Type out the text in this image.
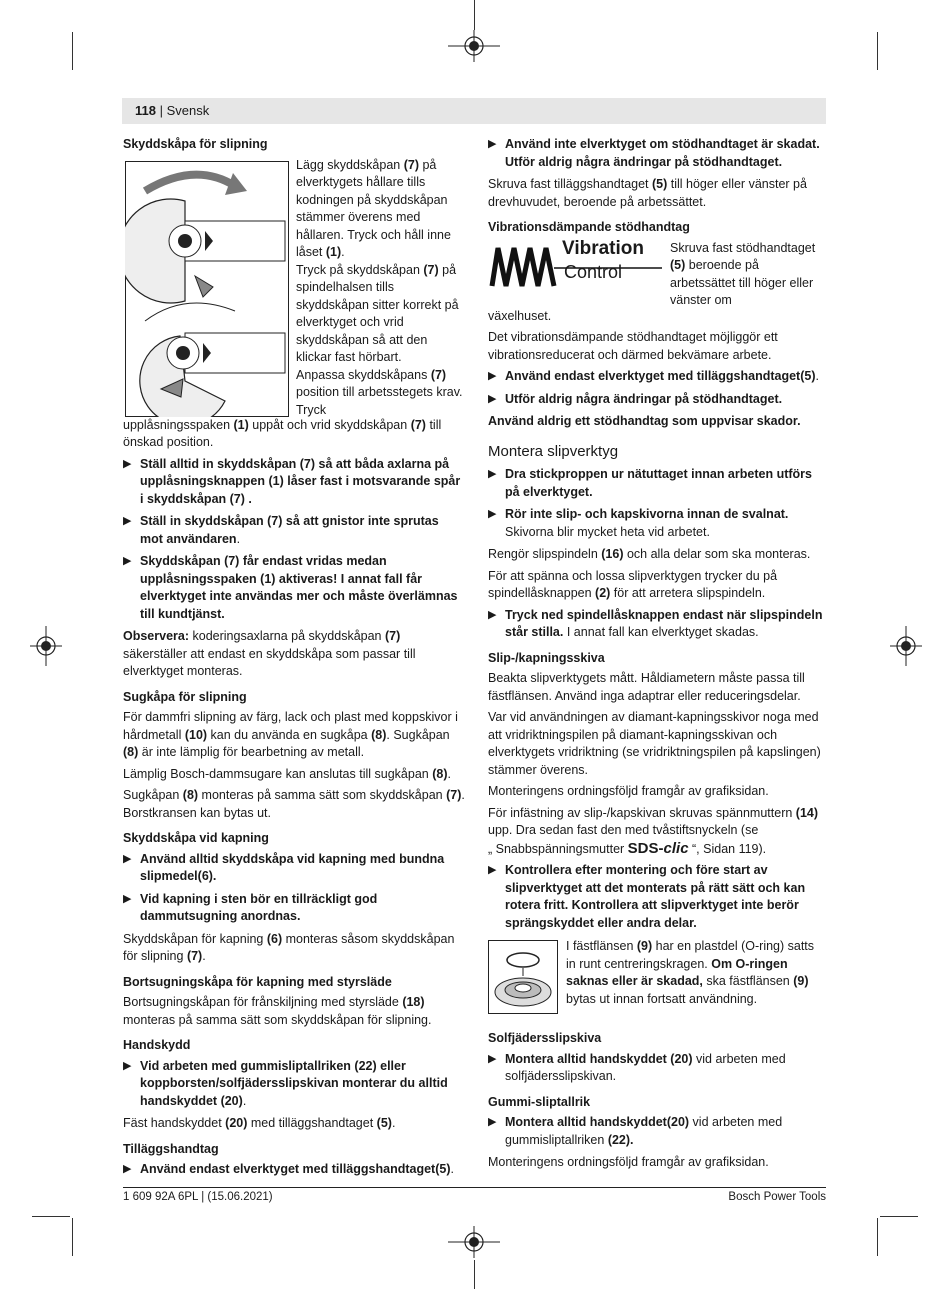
118 | Svensk
Skyddskåpa för slipning

Lägg skyddskåpan (7) på elverktygets hållare tills kodningen på skyddskåpan stämmer överens med hållaren. Tryck och håll inne låset (1).

Tryck på skyddskåpan (7) på spindelhalsen tills skyddskåpan sitter korrekt på elverktyget och vrid skyddskåpan så att den klickar fast hörbart.

Anpassa skyddskåpans (7) position till arbetsstegets krav. Tryck

upplåsningsspaken (1) uppåt och vrid skyddskåpan (7) till önskad position.

▶ Ställ alltid in skyddskåpan (7) så att båda axlarna på upplåsningsknappen (1) låser fast i motsvarande spår i skyddskåpan (7) .
▶ Ställ in skyddskåpan (7) så att gnistor inte sprutas mot användaren.
▶ Skyddskåpan (7) får endast vridas medan upplåsningsspaken (1) aktiveras! I annat fall får elverktyget inte användas mer och måste överlämnas till kundtjänst.

Observera: koderingsaxlarna på skyddskåpan (7) säkerställer att endast en skyddskåpa som passar till elverktyget monteras.

Sugkåpa för slipning

För dammfri slipning av färg, lack och plast med koppskivor i hårdmetall (10) kan du använda en sugkåpa (8). Sugkåpan (8) är inte lämplig för bearbetning av metall.

Lämplig Bosch-dammsugare kan anslutas till sugkåpan (8).

Sugkåpan (8) monteras på samma sätt som skyddskåpan (7). Borstkransen kan bytas ut.

Skyddskåpa vid kapning
▶ Använd alltid skyddskåpa vid kapning med bundna slipmedel(6).
▶ Vid kapning i sten bör en tillräckligt god dammutsugning anordnas.

Skyddskåpan för kapning (6) monteras såsom skyddskåpan för slipning (7).

Bortsugningskåpa för kapning med styrsläde

Bortsugningskåpan för frånskiljning med styrsläde (18) monteras på samma sätt som skyddskåpan för slipning.

Handskydd
▶ Vid arbeten med gummisliptallriken (22) eller koppborsten/solfjädersslipskivan monterar du alltid handskyddet (20).

Fäst handskyddet (20) med tilläggshandtaget (5).

Tilläggshandtag
▶ Använd endast elverktyget med tilläggshandtaget(5).
▶ Använd inte elverktyget om stödhandtaget är skadat. Utför aldrig några ändringar på stödhandtaget.

Skruva fast tilläggshandtaget (5) till höger eller vänster på drevhuvudet, beroende på arbetssättet.

Vibrationsdämpande stödhandtag
Vibration
Control
Skruva fast stödhandtaget (5) beroende på arbetssättet till höger eller vänster om

växelhuset.

Det vibrationsdämpande stödhandtaget möjliggör ett vibrationsreducerat och därmed bekvämare arbete.

▶ Använd endast elverktyget med tilläggshandtaget(5).
▶ Utför aldrig några ändringar på stödhandtaget.

Använd aldrig ett stödhandtag som uppvisar skador.

Montera slipverktyg
▶ Dra stickproppen ur nätuttaget innan arbeten utförs på elverktyget.
▶ Rör inte slip- och kapskivorna innan de svalnat.
Skivorna blir mycket heta vid arbetet.

Rengör slipspindeln (16) och alla delar som ska monteras.

För att spänna och lossa slipverktygen trycker du på spindellåsknappen (2) för att arretera slipspindeln.

▶ Tryck ned spindellåsknappen endast när slipspindeln står stilla. I annat fall kan elverktyget skadas.
Slip-/kapningsskiva

Beakta slipverktygets mått. Håldiametern måste passa till fästflänsen. Använd inga adaptrar eller reduceringsdelar.

Var vid användningen av diamant-kapningsskivor noga med att vridriktningspilen på diamant-kapningsskivan och elverktygets vridriktning (se vridriktningspilen på kapslingen) stämmer överens.

Monteringens ordningsföljd framgår av grafiksidan.

För infästning av slip-/kapskivan skruvas spännmuttern (14) upp. Dra sedan fast den med tvåstiftsnyckeln (se

„ Snabbspänningsmutter SDS-clic “, Sidan 119).

▶ Kontrollera efter montering och före start av slipverktyget att det monterats på rätt sätt och kan rotera fritt. Kontrollera att slipverktyget inte berör sprängskyddet eller andra delar.
I fästflänsen (9) har en plastdel (O-ring) satts in runt centreringskragen. Om O-ringen saknas eller är skadad, ska fästflänsen (9) bytas ut innan fortsatt användning.
Solfjädersslipskiva
▶ Montera alltid handskyddet (20) vid arbeten med solfjädersslipskivan.
Gummi-sliptallrik
▶ Montera alltid handskyddet(20) vid arbeten med gummisliptallriken (22).

Monteringens ordningsföljd framgår av grafiksidan.

1 609 92A 6PL | (15.06.2021)	Bosch Power Tools
